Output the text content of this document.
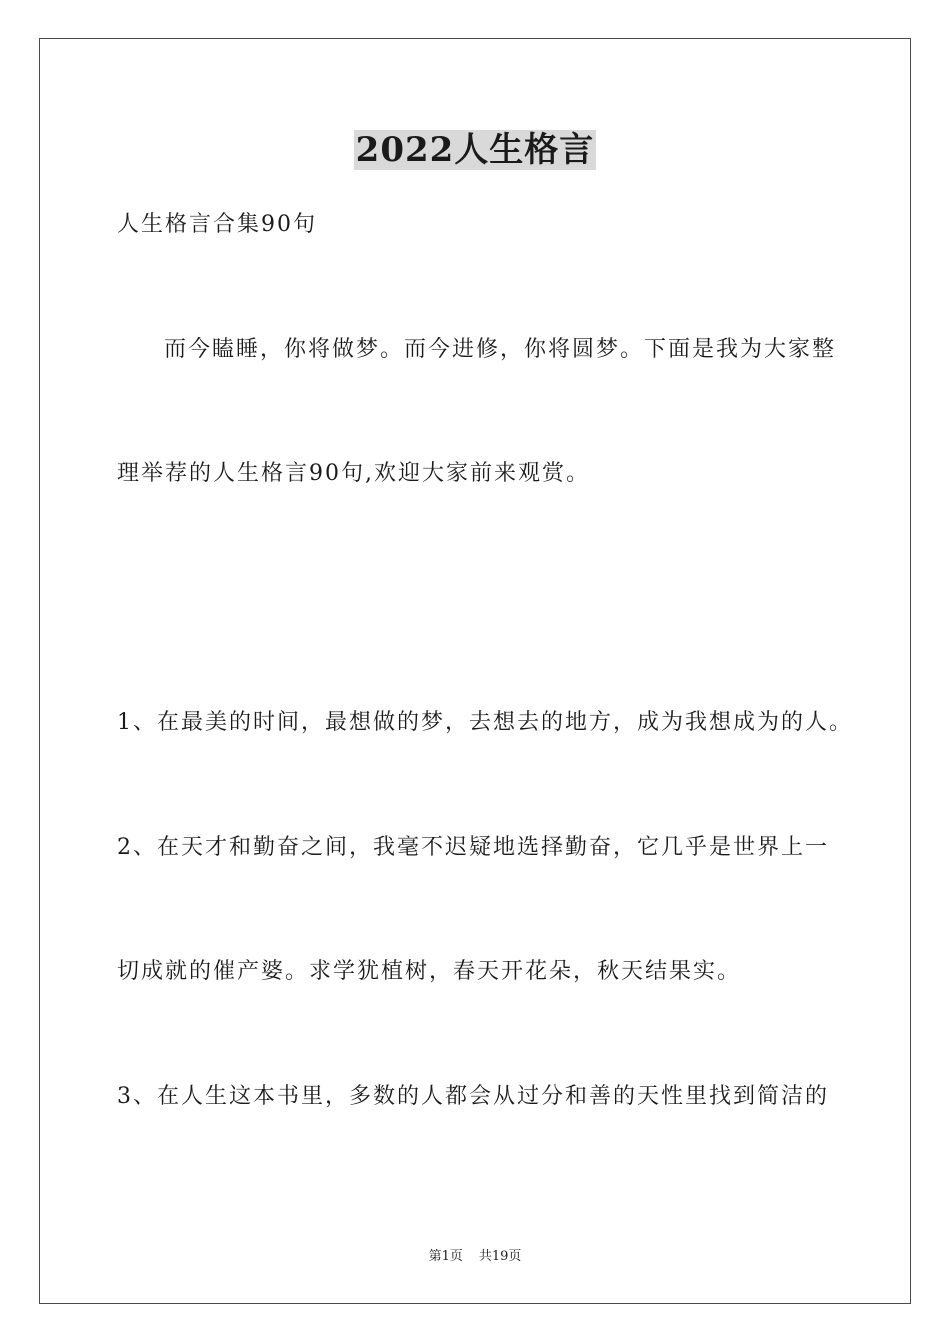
2022人生格言
人生格言合集90句
而今瞌睡，你将做梦。而今进修，你将圆梦。下面是我为大家整
理举荐的人生格言90句,欢迎大家前来观赏。
1、在最美的时间，最想做的梦，去想去的地方，成为我想成为的人。
2、在天才和勤奋之间，我毫不迟疑地选择勤奋，它几乎是世界上一
切成就的催产婆。求学犹植树，春天开花朵，秋天结果实。
3、在人生这本书里，多数的人都会从过分和善的天性里找到简洁的
第1页 共19页
